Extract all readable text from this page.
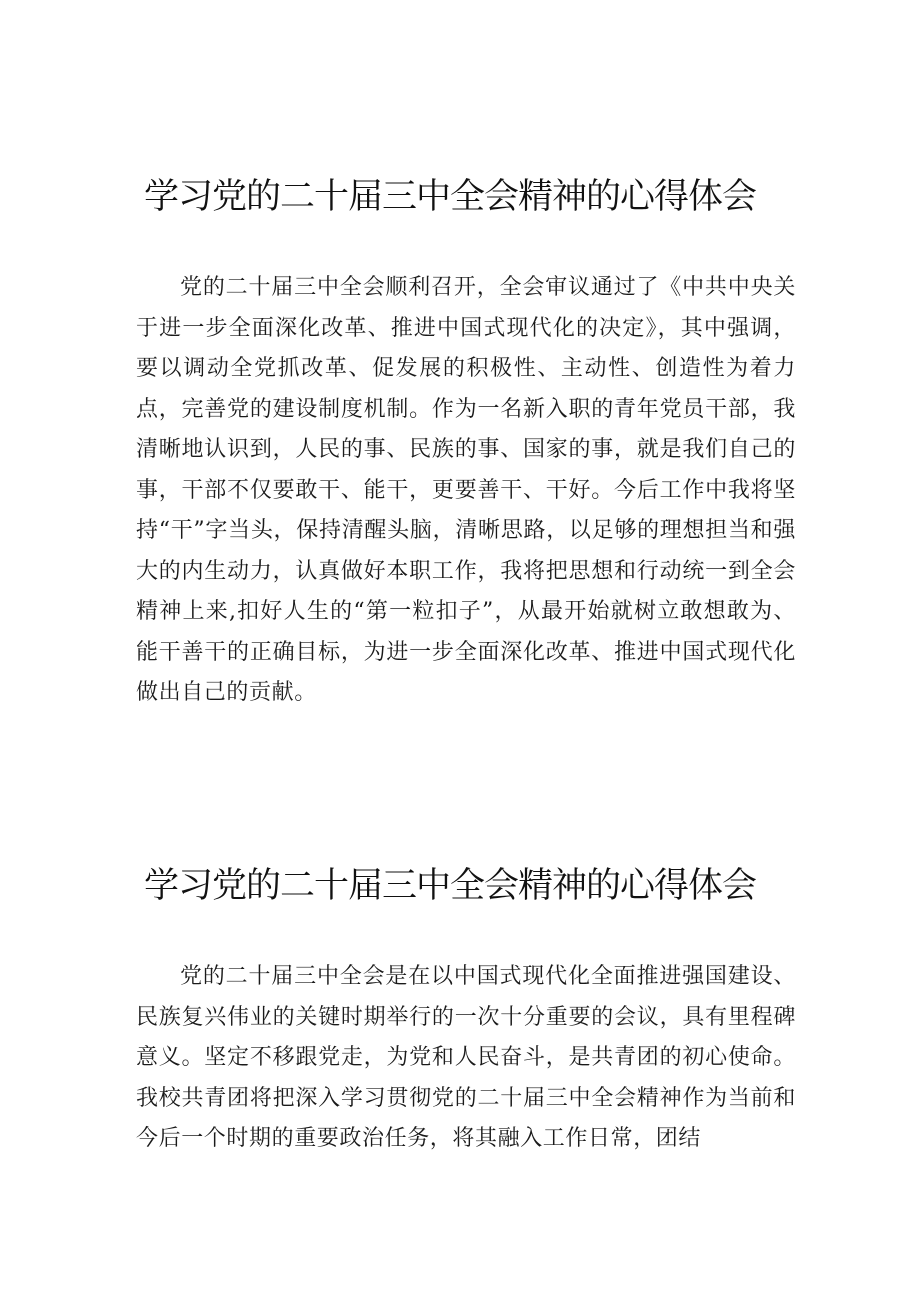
学习党的二十届三中全会精神的心得体会

党的二十届三中全会顺利召开，全会审议通过了《中共中央关于进一步全面深化改革、推进中国式现代化的决定》，其中强调，要以调动全党抓改革、促发展的积极性、主动性、创造性为着力点，完善党的建设制度机制。作为一名新入职的青年党员干部，我清晰地认识到，人民的事、民族的事、国家的事，就是我们自己的事，干部不仅要敢干、能干，更要善干、干好。今后工作中我将坚持“干”字当头，保持清醒头脑，清晰思路，以足够的理想担当和强大的内生动力，认真做好本职工作，我将把思想和行动统一到全会精神上来,扣好人生的“第一粒扣子”，从最开始就树立敢想敢为、能干善干的正确目标，为进一步全面深化改革、推进中国式现代化做出自己的贡献。

学习党的二十届三中全会精神的心得体会

党的二十届三中全会是在以中国式现代化全面推进强国建设、民族复兴伟业的关键时期举行的一次十分重要的会议，具有里程碑意义。坚定不移跟党走，为党和人民奋斗，是共青团的初心使命。我校共青团将把深入学习贯彻党的二十届三中全会精神作为当前和今后一个时期的重要政治任务，将其融入工作日常，团结
